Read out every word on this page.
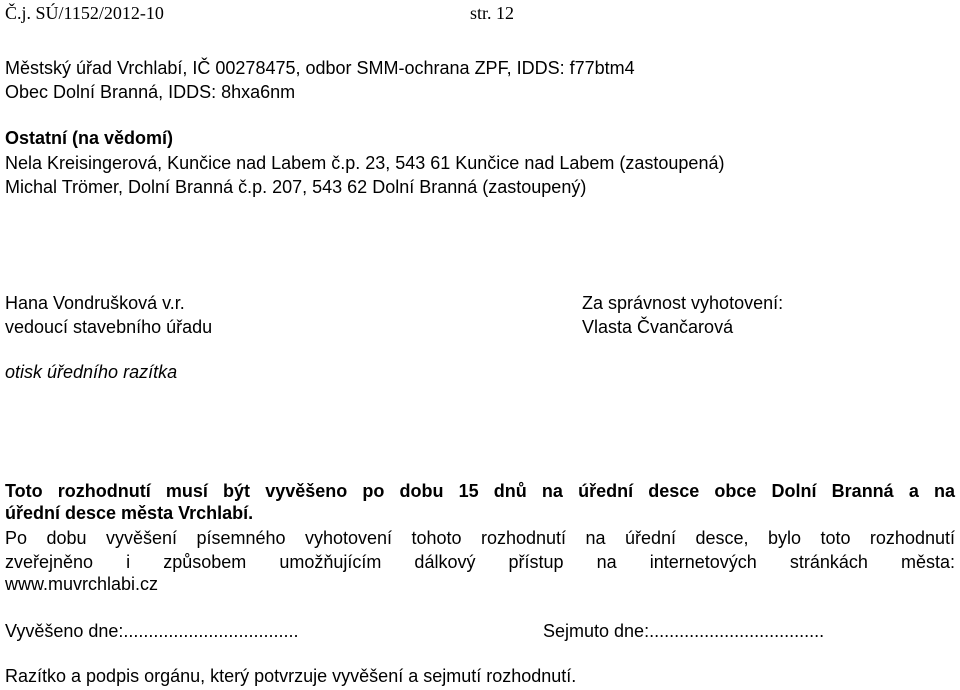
Č.j. SÚ/1152/2012-10	str. 12
Městský úřad Vrchlabí, IČ 00278475, odbor SMM-ochrana ZPF, IDDS: f77btm4
Obec Dolní Branná, IDDS: 8hxa6nm
Ostatní (na vědomí)
Nela Kreisingerová, Kunčice nad Labem č.p. 23, 543 61 Kunčice nad Labem (zastoupená)
Michal Trömer, Dolní Branná č.p. 207, 543 62 Dolní Branná (zastoupený)
Hana Vondrušková v.r.
vedoucí stavebního úřadu
Za správnost vyhotovení:
Vlasta Čvančarová
otisk úředního razítka
Toto rozhodnutí musí být vyvěšeno po dobu 15 dnů na úřední desce obce Dolní Branná a na
úřední desce města Vrchlabí.
Po dobu vyvěšení písemného vyhotovení tohoto rozhodnutí na úřední desce, bylo toto rozhodnutí
zveřejněno i způsobem umožňujícím dálkový přístup na internetových stránkách města:
www.muvrchlabi.cz
Vyvěšeno dne:...................................	Sejmuto dne:...................................
Razítko a podpis orgánu, který potvrzuje vyvěšení a sejmutí rozhodnutí.
